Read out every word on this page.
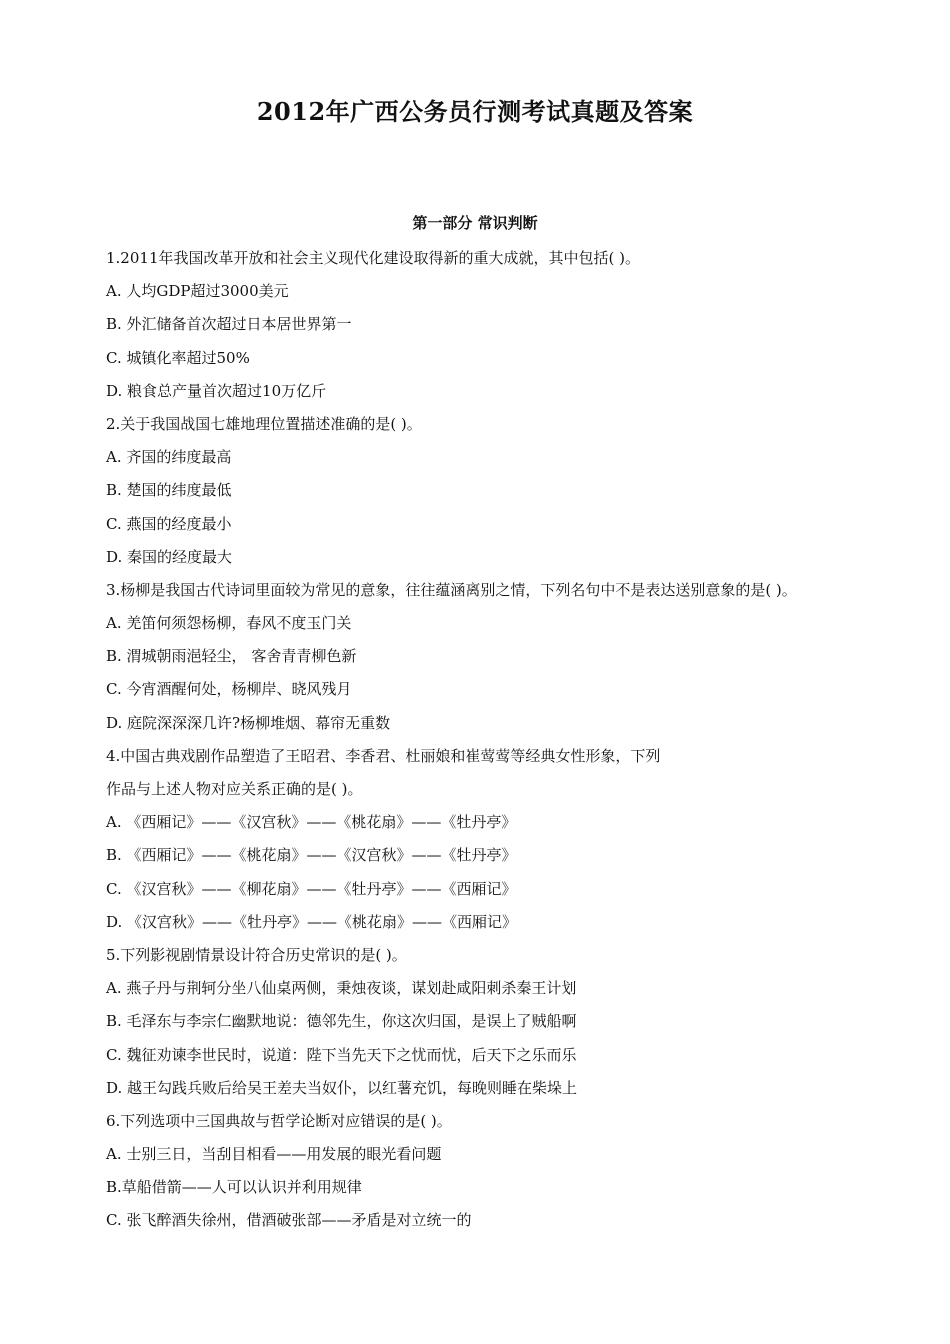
2012年广西公务员行测考试真题及答案
第一部分 常识判断
1.2011年我国改革开放和社会主义现代化建设取得新的重大成就，其中包括( )。
A. 人均GDP超过3000美元
B. 外汇储备首次超过日本居世界第一
C. 城镇化率超过50%
D. 粮食总产量首次超过10万亿斤
2.关于我国战国七雄地理位置描述准确的是( )。
A. 齐国的纬度最高
B. 楚国的纬度最低
C. 燕国的经度最小
D. 秦国的经度最大
3.杨柳是我国古代诗词里面较为常见的意象，往往蕴涵离别之情，下列名句中不是表达送别意象的是( )。
A. 羌笛何须怨杨柳，春风不度玉门关
B. 渭城朝雨浥轻尘， 客舍青青柳色新
C. 今宵酒醒何处，杨柳岸、晓风残月
D. 庭院深深深几许?杨柳堆烟、幕帘无重数
4.中国古典戏剧作品塑造了王昭君、李香君、杜丽娘和崔莺莺等经典女性形象，下列
作品与上述人物对应关系正确的是( )。
A. 《西厢记》——《汉宫秋》——《桃花扇》——《牡丹亭》
B. 《西厢记》——《桃花扇》——《汉宫秋》——《牡丹亭》
C. 《汉宫秋》——《柳花扇》——《牡丹亭》——《西厢记》
D. 《汉宫秋》——《牡丹亭》——《桃花扇》——《西厢记》
5.下列影视剧情景设计符合历史常识的是( )。
A. 燕子丹与荆轲分坐八仙桌两侧，秉烛夜谈，谋划赴咸阳刺杀秦王计划
B. 毛泽东与李宗仁幽默地说：德邻先生，你这次归国，是误上了贼船啊
C. 魏征劝谏李世民时，说道：陛下当先天下之忧而忧，后天下之乐而乐
D. 越王勾践兵败后给吴王差夫当奴仆，以红薯充饥，每晚则睡在柴垛上
6.下列选项中三国典故与哲学论断对应错误的是( )。
A. 士别三日，当刮目相看——用发展的眼光看问题
B.草船借箭——人可以认识并利用规律
C. 张飞醉酒失徐州，借酒破张部——矛盾是对立统一的
